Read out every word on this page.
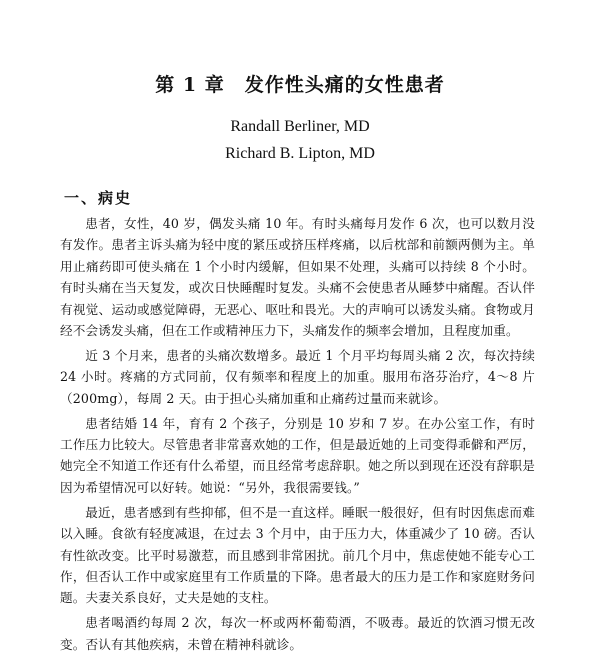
第 1 章　发作性头痛的女性患者
Randall Berliner, MD
Richard B. Lipton, MD
一、病史

患者，女性，40 岁，偶发头痛 10 年。有时头痛每月发作 6 次，也可以数月没有发作。患者主诉头痛为轻中度的紧压或挤压样疼痛，以后枕部和前额两侧为主。单用止痛药即可使头痛在 1 个小时内缓解，但如果不处理，头痛可以持续 8 个小时。有时头痛在当天复发，或次日快睡醒时复发。头痛不会使患者从睡梦中痛醒。否认伴有视觉、运动或感觉障碍，无恶心、呕吐和畏光。大的声响可以诱发头痛。食物或月经不会诱发头痛，但在工作或精神压力下，头痛发作的频率会增加，且程度加重。

近 3 个月来，患者的头痛次数增多。最近 1 个月平均每周头痛 2 次，每次持续 24 小时。疼痛的方式同前，仅有频率和程度上的加重。服用布洛芬治疗，4～8 片（200mg），每周 2 天。由于担心头痛加重和止痛药过量而来就诊。

患者结婚 14 年，育有 2 个孩子，分别是 10 岁和 7 岁。在办公室工作，有时工作压力比较大。尽管患者非常喜欢她的工作，但是最近她的上司变得乖僻和严厉，她完全不知道工作还有什么希望，而且经常考虑辞职。她之所以到现在还没有辞职是因为希望情况可以好转。她说：“另外，我很需要钱。”

最近，患者感到有些抑郁，但不是一直这样。睡眠一般很好，但有时因焦虑而难以入睡。食欲有轻度减退，在过去 3 个月中，由于压力大，体重减少了 10 磅。否认有性欲改变。比平时易激惹，而且感到非常困扰。前几个月中，焦虑使她不能专心工作，但否认工作中或家庭里有工作质量的下降。患者最大的压力是工作和家庭财务问题。夫妻关系良好，丈夫是她的支柱。

患者喝酒约每周 2 次，每次一杯或两杯葡萄酒，不吸毒。最近的饮酒习惯无改变。否认有其他疾病，未曾在精神科就诊。
